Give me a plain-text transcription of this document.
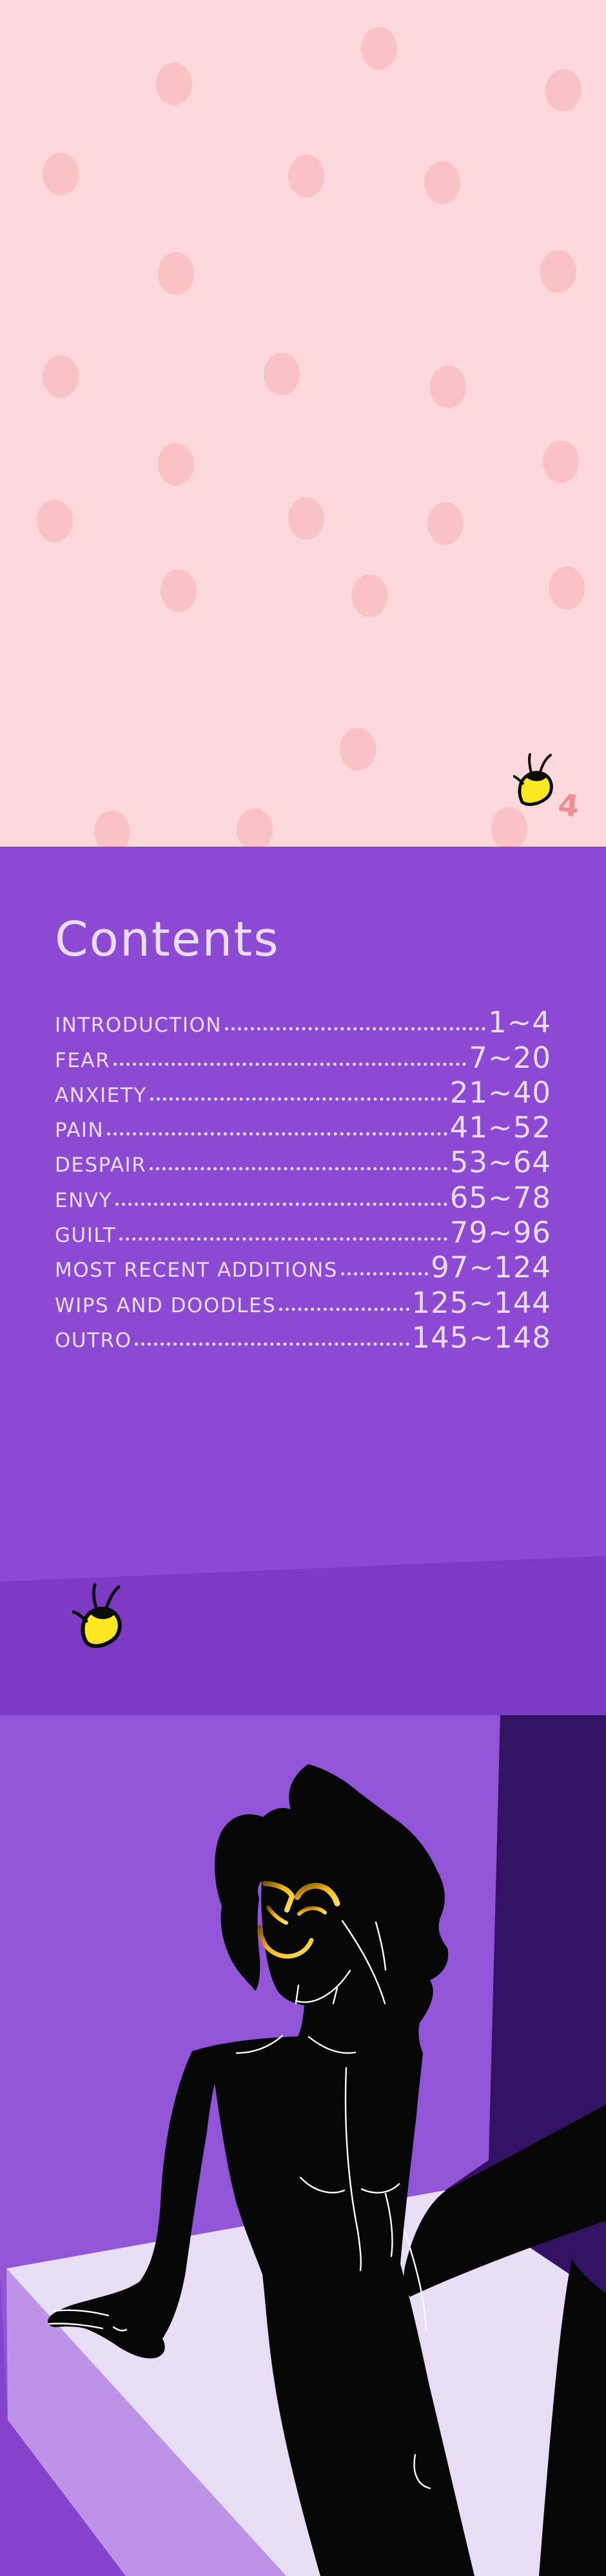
4
Contents
INTRODUCTION	1~4
FEAR	7~20
ANXIETY	21~40
PAIN	41~52
DESPAIR	53~64
ENVY	65~78
GUILT	79~96
MOST RECENT ADDITIONS	97~124
WIPS AND DOODLES	125~144
OUTRO	145~148
